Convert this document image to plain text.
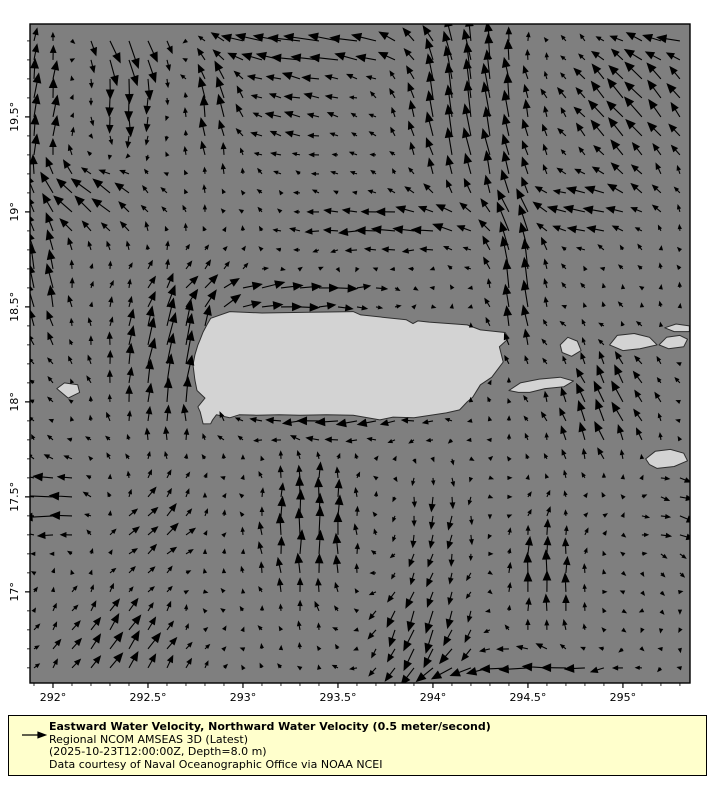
292°	292.5°	293°	293.5°	294°	294.5°	295°
17°
17.5°
18°
18.5°
19°
19.5°
Eastward Water Velocity, Northward Water Velocity (0.5 meter/second)
Regional NCOM AMSEAS 3D (Latest)
(2025-10-23T12:00:00Z, Depth=8.0 m)
Data courtesy of Naval Oceanographic Office via NOAA NCEI
